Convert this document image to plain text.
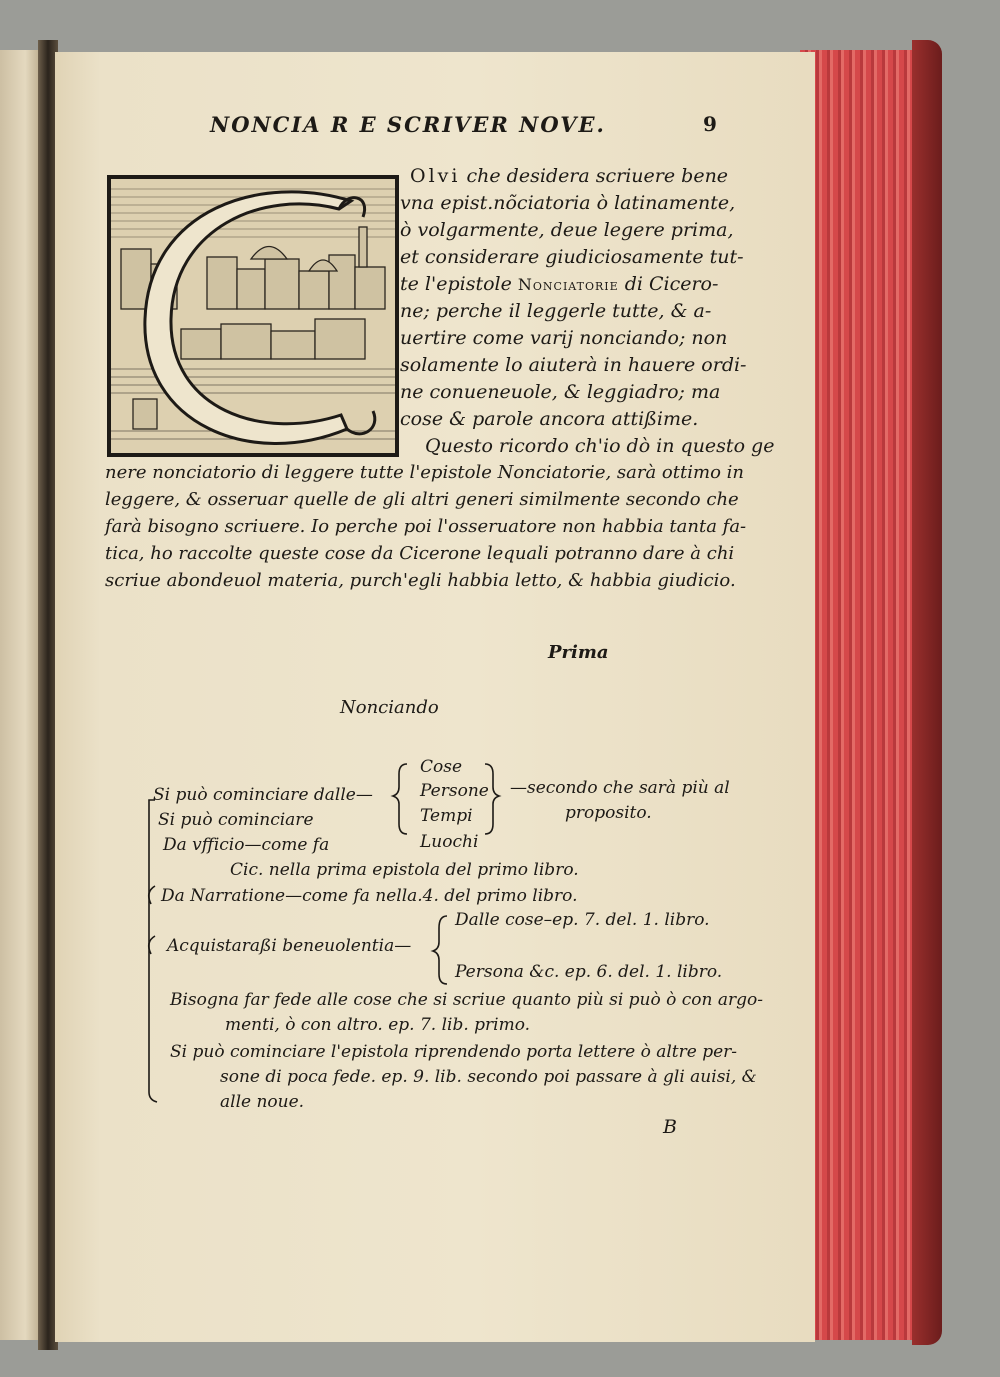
NONCIA R E SCRIVER NOVE.	9
Olvi che desidera scriuere bene
vna epist.nõciatoria ò latinamente,
ò volgarmente, deue legere prima,
et considerare giudiciosamente tut-
te l'epistole Nonciatorie di Cicero-
ne; perche il leggerle tutte, & a-
uertire come varij nonciando; non
solamente lo aiuterà in hauere ordi-
ne conueneuole, & leggiadro; ma
cose & parole ancora attißime.
Questo ricordo ch'io dò in questo ge
nere nonciatorio di leggere tutte l'epistole Nonciatorie, sarà ottimo in
leggere, & osseruar quelle de gli altri generi similmente secondo che
farà bisogno scriuere. Io perche poi l'osseruatore non habbia tanta fa-
tica, ho raccolte queste cose da Cicerone lequali potranno dare à chi
scriue abondeuol materia, purch'egli habbia letto, & habbia giudicio.
Prima
Nonciando
Cose
Persone
Tempi
Luochi
Si può cominciare dalle—	—secondo che sarà più al
proposito.
Si può cominciare
Da vfficio—come fa
Cic. nella prima epistola del primo libro.
Da Narratione—come fa nella.4. del primo libro.
Dalle cose–ep. 7. del. 1. libro.
Acquistaraßi beneuolentia—
Persona &c. ep. 6. del. 1. libro.
Bisogna far fede alle cose che si scriue quanto più si può ò con argo-
menti, ò con altro. ep. 7. lib. primo.
Si può cominciare l'epistola riprendendo porta lettere ò altre per-
sone di poca fede. ep. 9. lib. secondo poi passare à gli auisi, &
alle noue.
B
